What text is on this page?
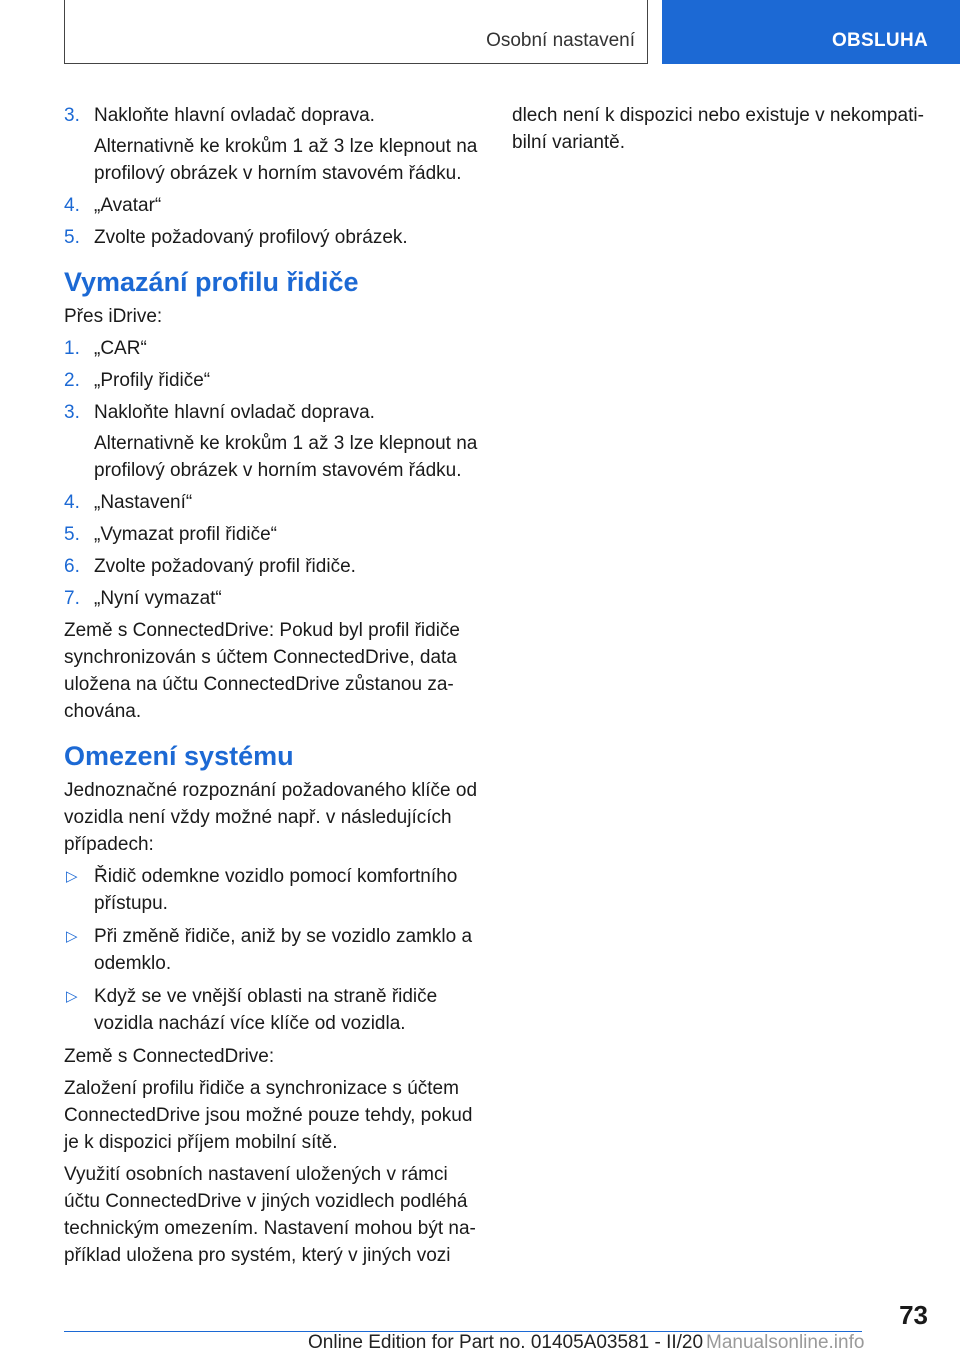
Osobní nastavení	OBSLUHA
3. Nakloňte hlavní ovladač doprava.
Alternativně ke krokům 1 až 3 lze klepnout na profilový obrázek v horním stavovém řádku.
4. „Avatar“
5. Zvolte požadovaný profilový obrázek.
Vymazání profilu řidiče

Přes iDrive:

1. „CAR“
2. „Profily řidiče“
3. Nakloňte hlavní ovladač doprava.
Alternativně ke krokům 1 až 3 lze klepnout na profilový obrázek v horním stavovém řádku.
4. „Nastavení“
5. „Vymazat profil řidiče“
6. Zvolte požadovaný profil řidiče.
7. „Nyní vymazat“

Země s ConnectedDrive: Pokud byl profil řidiče synchronizován s účtem ConnectedDrive, data uložena na účtu ConnectedDrive zůstanou zachována.

Omezení systému

Jednoznačné rozpoznání požadovaného klíče od vozidla není vždy možné např. v následujících případech:

▷ Řidič odemkne vozidlo pomocí komfortního přístupu.
▷ Při změně řidiče, aniž by se vozidlo zamklo a odemklo.
▷ Když se ve vnější oblasti na straně řidiče vozidla nachází více klíče od vozidla.

Země s ConnectedDrive:

Založení profilu řidiče a synchronizace s účtem ConnectedDrive jsou možné pouze tehdy, pokud je k dispozici příjem mobilní sítě.

Využití osobních nastavení uložených v rámci účtu ConnectedDrive v jiných vozidlech podléhá technickým omezením. Nastavení mohou být například uložena pro systém, který v jiných vozi

dlech není k dispozici nebo existuje v nekompatibilní variantě.

73
Online Edition for Part no. 01405A03581 - II/20 Manualsonline.info
